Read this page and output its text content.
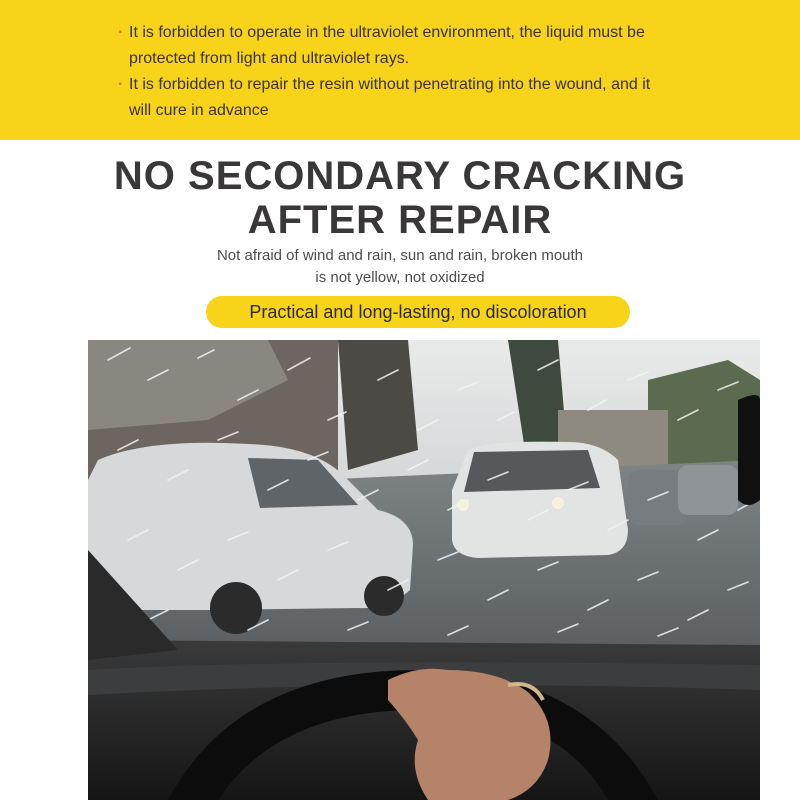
· It is forbidden to operate in the ultraviolet environment, the liquid must be
protected from light and ultraviolet rays.
· It is forbidden to repair the resin without penetrating into the wound, and it
will cure in advance
NO SECONDARY CRACKING
AFTER REPAIR
Not afraid of wind and rain, sun and rain, broken mouth
is not yellow, not oxidized
Practical and long-lasting, no discoloration
